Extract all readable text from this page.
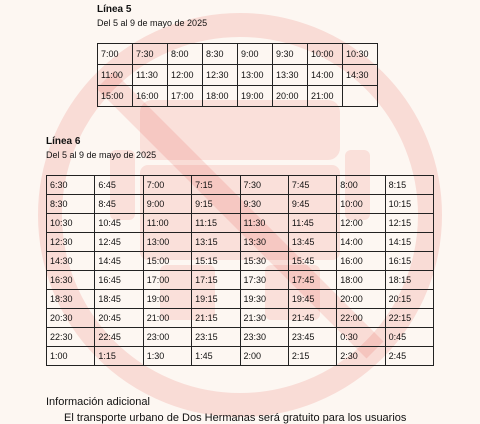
Línea 5
Del 5 al 9 de mayo de 2025
7:00	7:30	8:00	8:30	9:00	9:30	10:00	10:30
11:00	11:30	12:00	12:30	13:00	13:30	14:00	14:30
15:00	16:00	17:00	18:00	19:00	20:00	21:00	
Línea 6
Del 5 al 9 de mayo de 2025
6:30	6:45	7:00	7:15	7:30	7:45	8:00	8:15
8:30	8:45	9:00	9:15	9:30	9:45	10:00	10:15
10:30	10:45	11:00	11:15	11:30	11:45	12:00	12:15
12:30	12:45	13:00	13:15	13:30	13:45	14:00	14:15
14:30	14:45	15:00	15:15	15:30	15:45	16:00	16:15
16:30	16:45	17:00	17:15	17:30	17:45	18:00	18:15
18:30	18:45	19:00	19:15	19:30	19:45	20:00	20:15
20:30	20:45	21:00	21:15	21:30	21:45	22:00	22:15
22:30	22:45	23:00	23:15	23:30	23:45	0:30	0:45
1:00	1:15	1:30	1:45	2:00	2:15	2:30	2:45
Información adicional
El transporte urbano de Dos Hermanas será gratuito para los usuarios
